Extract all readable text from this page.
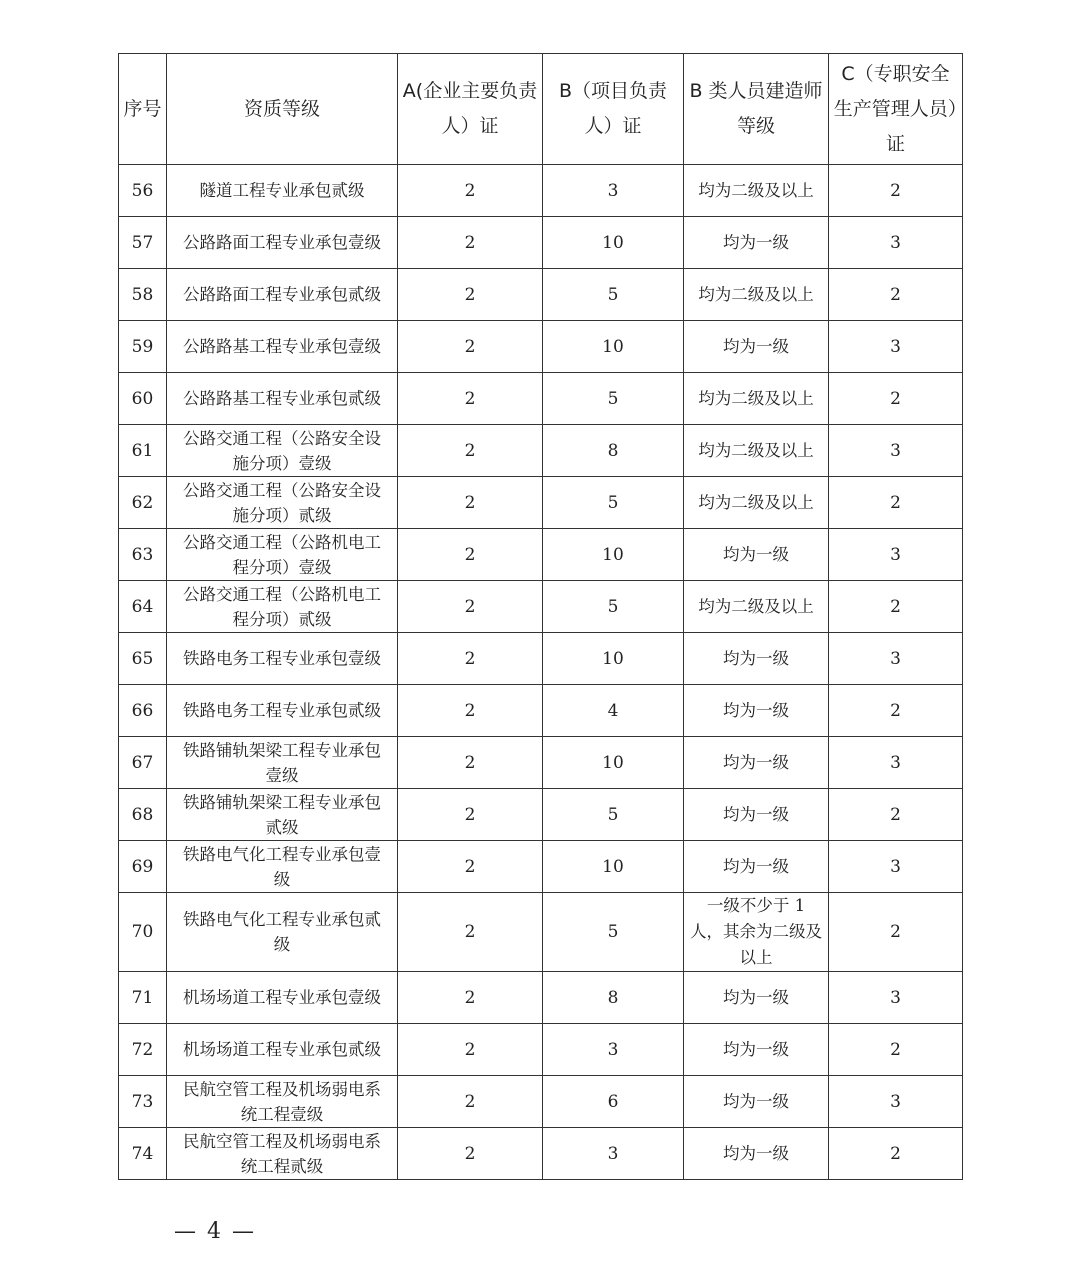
序号	资质等级	A(企业主要负责人）证	B（项目负责人）证	B 类人员建造师等级	C（专职安全生产管理人员）证
56	隧道工程专业承包贰级	2	3	均为二级及以上	2
57	公路路面工程专业承包壹级	2	10	均为一级	3
58	公路路面工程专业承包贰级	2	5	均为二级及以上	2
59	公路路基工程专业承包壹级	2	10	均为一级	3
60	公路路基工程专业承包贰级	2	5	均为二级及以上	2
61	公路交通工程（公路安全设施分项）壹级	2	8	均为二级及以上	3
62	公路交通工程（公路安全设施分项）贰级	2	5	均为二级及以上	2
63	公路交通工程（公路机电工程分项）壹级	2	10	均为一级	3
64	公路交通工程（公路机电工程分项）贰级	2	5	均为二级及以上	2
65	铁路电务工程专业承包壹级	2	10	均为一级	3
66	铁路电务工程专业承包贰级	2	4	均为一级	2
67	铁路铺轨架梁工程专业承包壹级	2	10	均为一级	3
68	铁路铺轨架梁工程专业承包贰级	2	5	均为一级	2
69	铁路电气化工程专业承包壹级	2	10	均为一级	3
70	铁路电气化工程专业承包贰级	2	5	一级不少于 1 人，其余为二级及以上	2
71	机场场道工程专业承包壹级	2	8	均为一级	3
72	机场场道工程专业承包贰级	2	3	均为一级	2
73	民航空管工程及机场弱电系统工程壹级	2	6	均为一级	3
74	民航空管工程及机场弱电系统工程贰级	2	3	均为一级	2
— 4 —
